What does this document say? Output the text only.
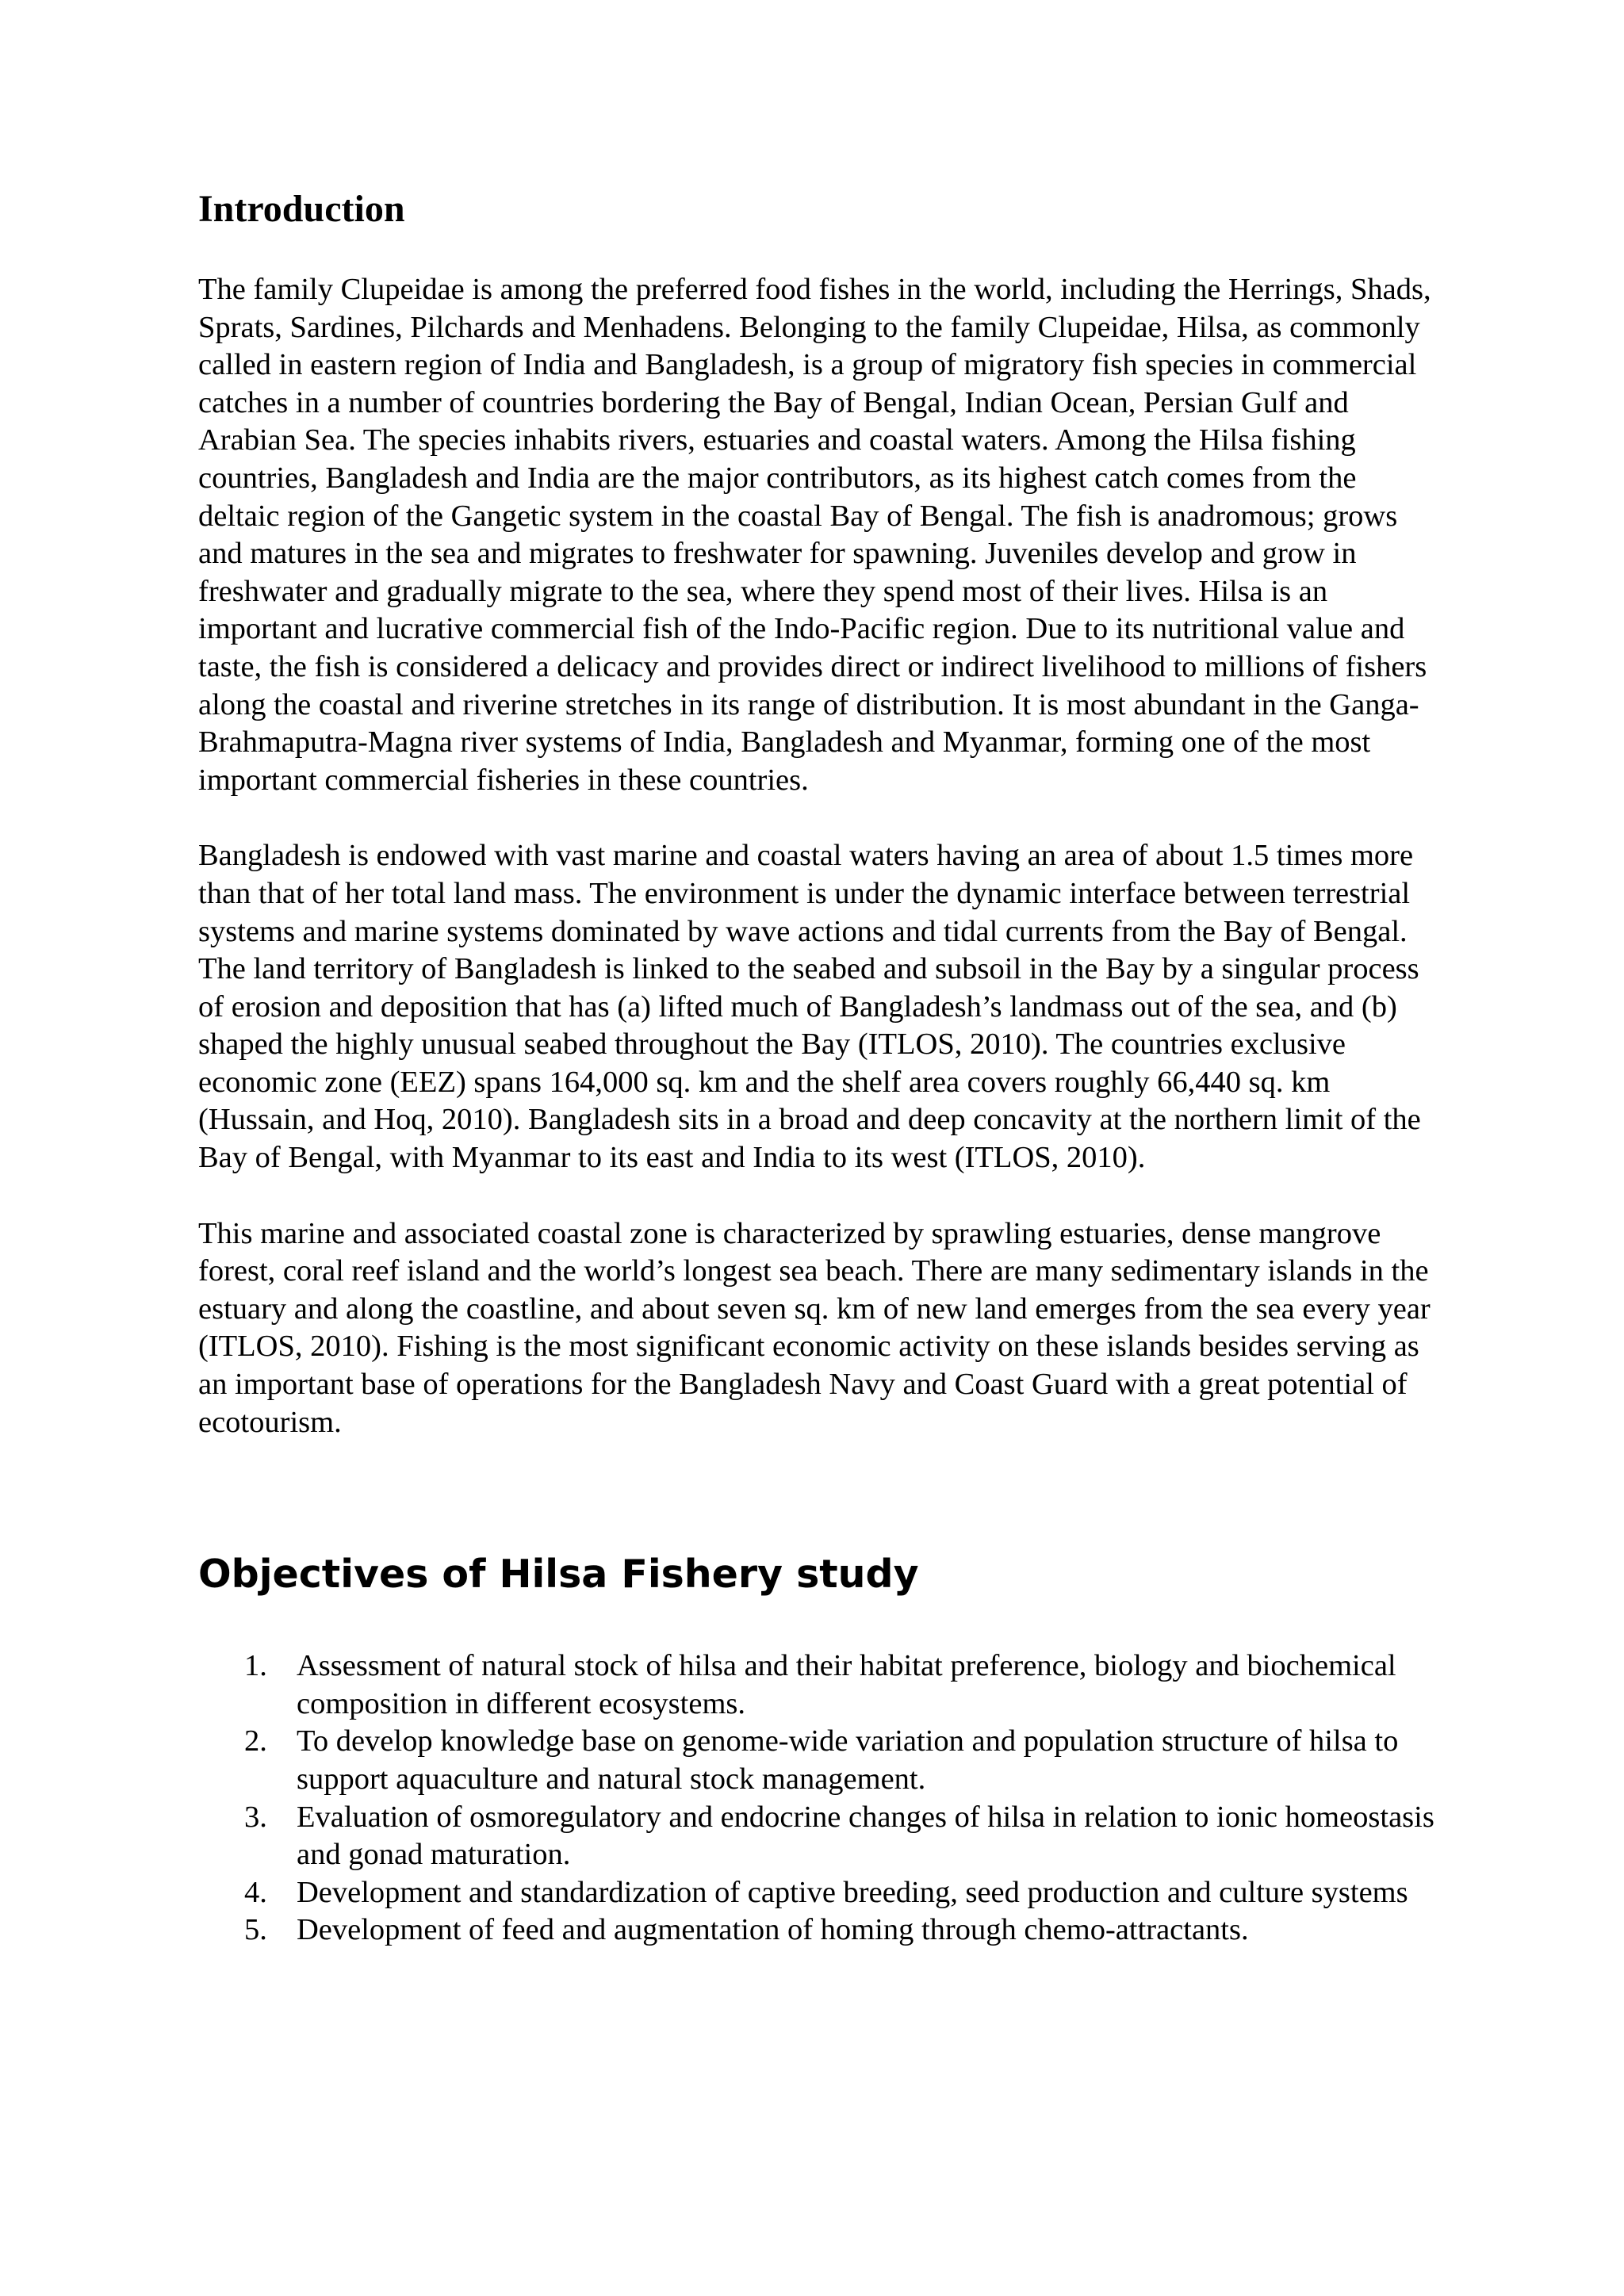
Introduction

The family Clupeidae is among the preferred food fishes in the world, including the Herrings, Shads, Sprats, Sardines, Pilchards and Menhadens. Belonging to the family Clupeidae, Hilsa, as commonly called in eastern region of India and Bangladesh, is a group of migratory fish species in commercial catches in a number of countries bordering the Bay of Bengal, Indian Ocean, Persian Gulf and Arabian Sea. The species inhabits rivers, estuaries and coastal waters. Among the Hilsa fishing countries, Bangladesh and India are the major contributors, as its highest catch comes from the deltaic region of the Gangetic system in the coastal Bay of Bengal. The fish is anadromous; grows and matures in the sea and migrates to freshwater for spawning. Juveniles develop and grow in freshwater and gradually migrate to the sea, where they spend most of their lives. Hilsa is an important and lucrative commercial fish of the Indo-Pacific region. Due to its nutritional value and taste, the fish is considered a delicacy and provides direct or indirect livelihood to millions of fishers along the coastal and riverine stretches in its range of distribution. It is most abundant in the Ganga-Brahmaputra-Magna river systems of India, Bangladesh and Myanmar, forming one of the most important commercial fisheries in these countries.

Bangladesh is endowed with vast marine and coastal waters having an area of about 1.5 times more than that of her total land mass. The environment is under the dynamic interface between terrestrial systems and marine systems dominated by wave actions and tidal currents from the Bay of Bengal. The land territory of Bangladesh is linked to the seabed and subsoil in the Bay by a singular process of erosion and deposition that has (a) lifted much of Bangladesh’s landmass out of the sea, and (b) shaped the highly unusual seabed throughout the Bay (ITLOS, 2010). The countries exclusive economic zone (EEZ) spans 164,000 sq. km and the shelf area covers roughly 66,440 sq. km (Hussain, and Hoq, 2010). Bangladesh sits in a broad and deep concavity at the northern limit of the Bay of Bengal, with Myanmar to its east and India to its west (ITLOS, 2010).

This marine and associated coastal zone is characterized by sprawling estuaries, dense mangrove forest, coral reef island and the world’s longest sea beach. There are many sedimentary islands in the estuary and along the coastline, and about seven sq. km of new land emerges from the sea every year (ITLOS, 2010). Fishing is the most significant economic activity on these islands besides serving as an important base of operations for the Bangladesh Navy and Coast Guard with a great potential of ecotourism.

Objectives of Hilsa Fishery study
1. Assessment of natural stock of hilsa and their habitat preference, biology and biochemical composition in different ecosystems.
2. To develop knowledge base on genome-wide variation and population structure of hilsa to support aquaculture and natural stock management.
3. Evaluation of osmoregulatory and endocrine changes of hilsa in relation to ionic homeostasis and gonad maturation.
4. Development and standardization of captive breeding, seed production and culture systems
5. Development of feed and augmentation of homing through chemo-attractants.
